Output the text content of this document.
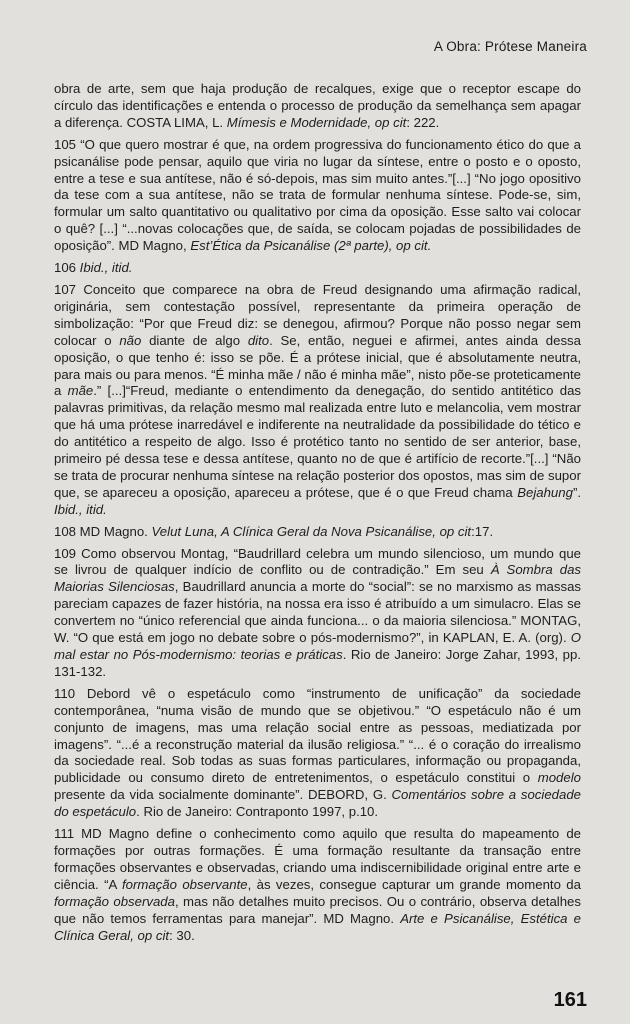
A Obra: Prótese Maneira

obra de arte, sem que haja produção de recalques, exige que o receptor escape do círculo das identificações e entenda o processo de produção da semelhança sem apagar a diferença. COSTA LIMA, L. Mímesis e Modernidade, op cit: 222.

105 “O que quero mostrar é que, na ordem progressiva do funcionamento ético do que a psicanálise pode pensar, aquilo que viria no lugar da síntese, entre o posto e o oposto, entre a tese e sua antítese, não é só-depois, mas sim muito antes.”[...] “No jogo opositivo da tese com a sua antítese, não se trata de formular nenhuma síntese. Pode-se, sim, formular um salto quantitativo ou qualitativo por cima da oposição. Esse salto vai colocar o quê? [...] “...novas colocações que, de saída, se colocam pojadas de possibilidades de oposição”. MD Magno, Est’Ética da Psicanálise (2ª parte), op cit.

106 Ibid., itid.

107 Conceito que comparece na obra de Freud designando uma afirmação radical, originária, sem contestação possível, representante da primeira operação de simbolização: “Por que Freud diz: se denegou, afirmou? Porque não posso negar sem colocar o não diante de algo dito. Se, então, neguei e afirmei, antes ainda dessa oposição, o que tenho é: isso se põe. É a prótese inicial, que é absolutamente neutra, para mais ou para menos. “É minha mãe / não é minha mãe”, nisto põe-se proteticamente a mãe.” [...]“Freud, mediante o entendimento da denegação, do sentido antitético das palavras primitivas, da relação mesmo mal realizada entre luto e melancolia, vem mostrar que há uma prótese inarredável e indiferente na neutralidade da possibilidade do tético e do antitético a respeito de algo. Isso é protético tanto no sentido de ser anterior, base, primeiro pé dessa tese e dessa antítese, quanto no de que é artifício de recorte.”[...] “Não se trata de procurar nenhuma síntese na relação posterior dos opostos, mas sim de supor que, se apareceu a oposição, apareceu a prótese, que é o que Freud chama Bejahung”. Ibid., itid.

108 MD Magno. Velut Luna, A Clínica Geral da Nova Psicanálise, op cit:17.

109 Como observou Montag, “Baudrillard celebra um mundo silencioso, um mundo que se livrou de qualquer indício de conflito ou de contradição.” Em seu À Sombra das Maiorias Silenciosas, Baudrillard anuncia a morte do “social”: se no marxismo as massas pareciam capazes de fazer história, na nossa era isso é atribuído a um simulacro. Elas se convertem no “único referencial que ainda funciona... o da maioria silenciosa.” MONTAG, W. “O que está em jogo no debate sobre o pós-modernismo?”, in KAPLAN, E. A. (org). O mal estar no Pós-modernismo: teorias e práticas. Rio de Janeiro: Jorge Zahar, 1993, pp. 131-132.

110 Debord vê o espetáculo como “instrumento de unificação” da sociedade contemporânea, “numa visão de mundo que se objetivou.” “O espetáculo não é um conjunto de imagens, mas uma relação social entre as pessoas, mediatizada por imagens”. “...é a reconstrução material da ilusão religiosa.” “... é o coração do irrealismo da sociedade real. Sob todas as suas formas particulares, informação ou propaganda, publicidade ou consumo direto de entretenimentos, o espetáculo constitui o modelo presente da vida socialmente dominante”. DEBORD, G. Comentários sobre a sociedade do espetáculo. Rio de Janeiro: Contraponto 1997, p.10.

111 MD Magno define o conhecimento como aquilo que resulta do mapeamento de formações por outras formações. É uma formação resultante da transação entre formações observantes e observadas, criando uma indiscernibilidade original entre arte e ciência. “A formação observante, às vezes, consegue capturar um grande momento da formação observada, mas não detalhes muito precisos. Ou o contrário, observa detalhes que não temos ferramentas para manejar”. MD Magno. Arte e Psicanálise, Estética e Clínica Geral, op cit: 30.

161
